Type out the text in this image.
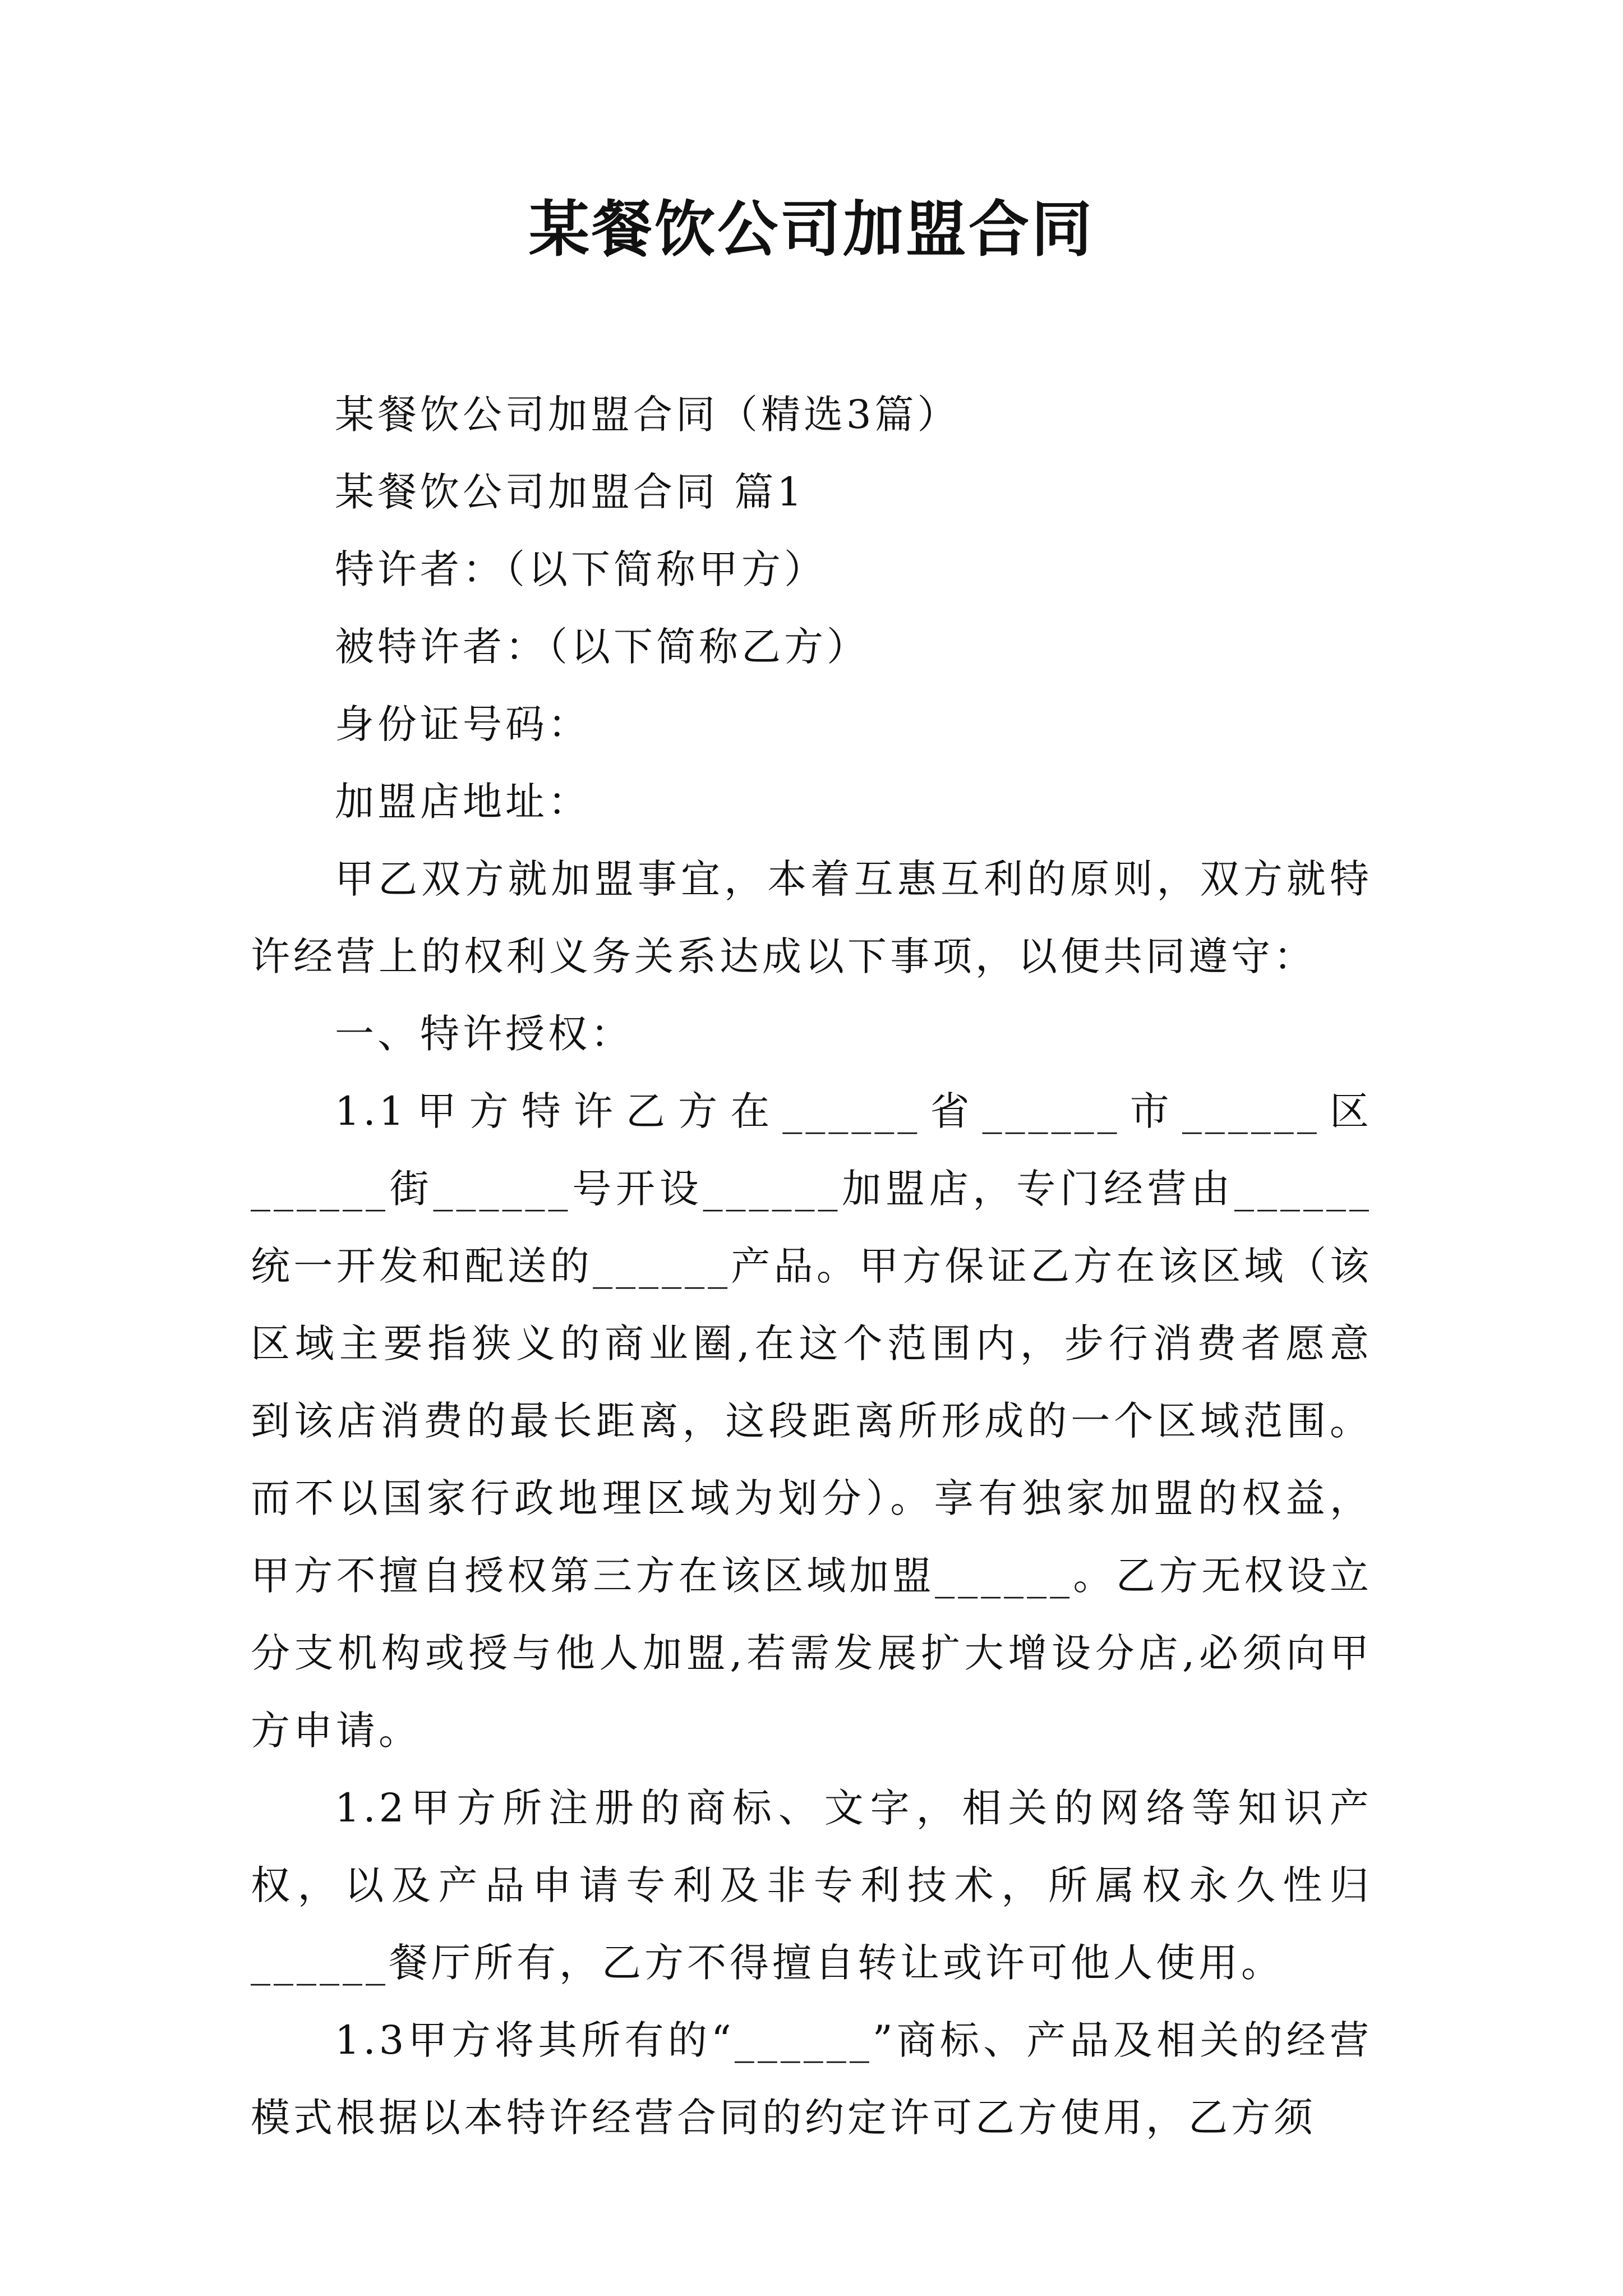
某餐饮公司加盟合同

某餐饮公司加盟合同（精选3篇）

某餐饮公司加盟合同 篇1

特许者：（以下简称甲方）

被特许者：（以下简称乙方）

身份证号码：

加盟店地址：

甲乙双方就加盟事宜，本着互惠互利的原则，双方就特许经营上的权利义务关系达成以下事项，以便共同遵守：

一、特许授权：

1.1甲方特许乙方在______省______市______区______街______号开设______加盟店，专门经营由______统一开发和配送的______产品。甲方保证乙方在该区域（该区域主要指狭义的商业圈,在这个范围内，步行消费者愿意到该店消费的最长距离，这段距离所形成的一个区域范围。而不以国家行政地理区域为划分）。享有独家加盟的权益，甲方不擅自授权第三方在该区域加盟______。乙方无权设立分支机构或授与他人加盟,若需发展扩大增设分店,必须向甲方申请。

1.2甲方所注册的商标、文字，相关的网络等知识产权，以及产品申请专利及非专利技术，所属权永久性归______餐厅所有，乙方不得擅自转让或许可他人使用。

1.3甲方将其所有的“______”商标、产品及相关的经营模式根据以本特许经营合同的约定许可乙方使用，乙方须
